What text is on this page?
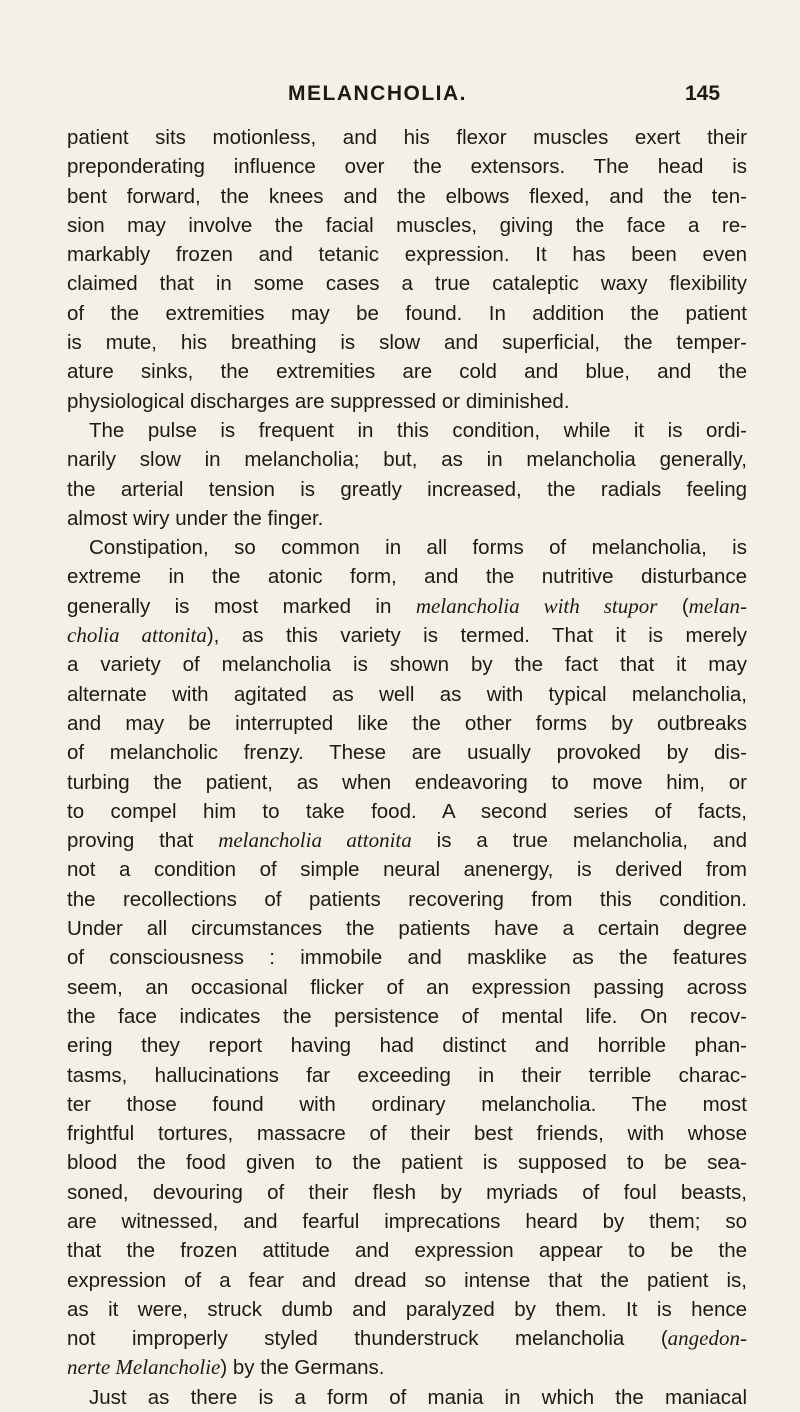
MELANCHOLIA.	145
patient sits motionless, and his flexor muscles exert their
preponderating influence over the extensors. The head is
bent forward, the knees and the elbows flexed, and the ten-
sion may involve the facial muscles, giving the face a re-
markably frozen and tetanic expression. It has been even
claimed that in some cases a true cataleptic waxy flexibility
of the extremities may be found. In addition the patient
is mute, his breathing is slow and superficial, the temper-
ature sinks, the extremities are cold and blue, and the
physiological discharges are suppressed or diminished.
The pulse is frequent in this condition, while it is ordi-
narily slow in melancholia; but, as in melancholia generally,
the arterial tension is greatly increased, the radials feeling
almost wiry under the finger.
Constipation, so common in all forms of melancholia, is
extreme in the atonic form, and the nutritive disturbance
generally is most marked in melancholia with stupor (melan-
cholia attonita), as this variety is termed. That it is merely
a variety of melancholia is shown by the fact that it may
alternate with agitated as well as with typical melancholia,
and may be interrupted like the other forms by outbreaks
of melancholic frenzy. These are usually provoked by dis-
turbing the patient, as when endeavoring to move him, or
to compel him to take food. A second series of facts,
proving that melancholia attonita is a true melancholia, and
not a condition of simple neural anenergy, is derived from
the recollections of patients recovering from this condition.
Under all circumstances the patients have a certain degree
of consciousness : immobile and masklike as the features
seem, an occasional flicker of an expression passing across
the face indicates the persistence of mental life. On recov-
ering they report having had distinct and horrible phan-
tasms, hallucinations far exceeding in their terrible charac-
ter those found with ordinary melancholia. The most
frightful tortures, massacre of their best friends, with whose
blood the food given to the patient is supposed to be sea-
soned, devouring of their flesh by myriads of foul beasts,
are witnessed, and fearful imprecations heard by them; so
that the frozen attitude and expression appear to be the
expression of a fear and dread so intense that the patient is,
as it were, struck dumb and paralyzed by them. It is hence
not improperly styled thunderstruck melancholia (angedon-
nerte Melancholie) by the Germans.
Just as there is a form of mania in which the maniacal
